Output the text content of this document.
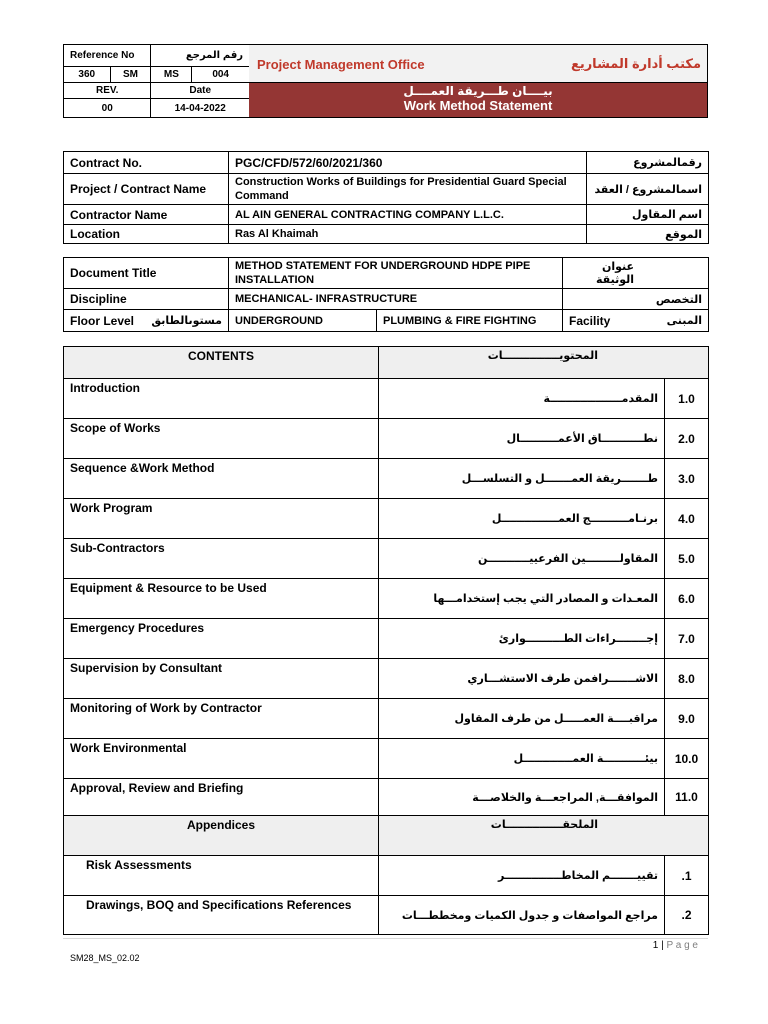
Reference No		رقم المرجع	
360	SM	MS	004
REV.		Date	
00		14-04-2022	
Project Management Office	مكتب أدارة المشاريع
بيــــان طـــريقة العمــــل
Work Method Statement
Contract No.	PGC/CFD/572/60/2021/360	رقمالمشروع
Project / Contract Name	Construction Works of Buildings for Presidential Guard Special Command	اسمالمشروع / العقد
Contractor Name	AL AIN GENERAL CONTRACTING COMPANY L.L.C.	اسم المقاول
Location	Ras Al Khaimah	الموقع
Document Title	METHOD STATEMENT FOR UNDERGROUND HDPE PIPE INSTALLATION		عنوان الوثيقة
Discipline	MECHANICAL- INFRASTRUCTURE		التخصص
Floor Level مستوىالطابق	UNDERGROUND	PLUMBING & FIRE FIGHTING	Facility المبنى
CONTENTS	المحتويـــــــــــــــات	
Introduction	المقدمـــــــــــــــــــة	1.0
Scope of Works	نطـــــــــــاق الأعمــــــــــال	2.0
Sequence &Work Method	طـــــــريقة العمـــــــل و التسلســـل	3.0
Work Program	برنـامــــــــــج العمـــــــــــــــل	4.0
Sub-Contractors	المقاولـــــــــين الفرعييـــــــــــن	5.0
Equipment & Resource to be Used	المعـدات و المصادر التي يجب إستخدامـــها	6.0
Emergency Procedures	إجــــــــراءات الطــــــــــوارئ	7.0
Supervision by Consultant	الاشـــــــرافمن طرف الاستشـــاري	8.0
Monitoring of Work by Contractor	مراقبــــة العمـــــل من طرف المقاول	9.0
Work Environmental	بيئـــــــــــة العمـــــــــــــل	10.0
Approval, Review and Briefing	الموافقـــة, المراجعـــة والخلاصـــة	11.0
Appendices	الملحقـــــــــــــــات	
Risk Assessments	تقييـــــــم المخاطـــــــــــــــر	.1
Drawings, BOQ and Specifications References	مراجع المواصفات و جدول الكميات ومخططـــات	.2
1 | P a g e
SM28_MS_02.02
